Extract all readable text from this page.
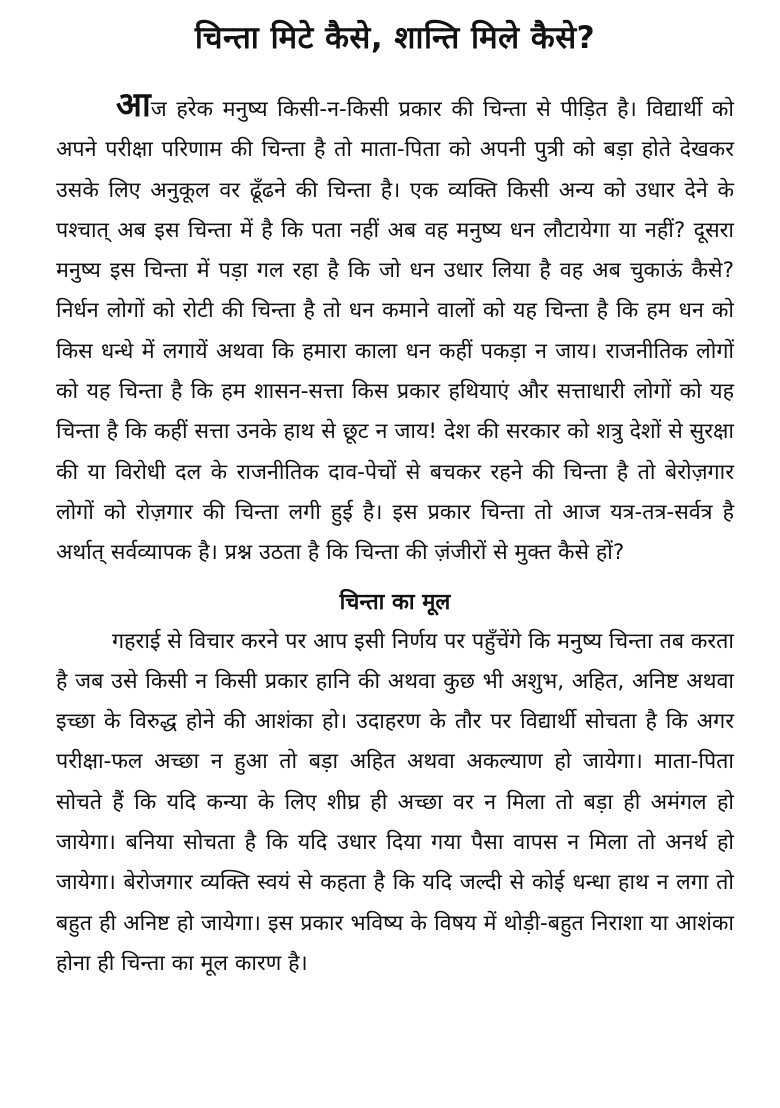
चिन्ता मिटे कैसे, शान्ति मिले कैसे?

आज हरेक मनुष्य किसी-न-किसी प्रकार की चिन्ता से पीड़ित है। विद्यार्थी को अपने परीक्षा परिणाम की चिन्ता है तो माता-पिता को अपनी पुत्री को बड़ा होते देखकर उसके लिए अनुकूल वर ढूँढने की चिन्ता है। एक व्यक्ति किसी अन्य को उधार देने के पश्चात् अब इस चिन्ता में है कि पता नहीं अब वह मनुष्य धन लौटायेगा या नहीं? दूसरा मनुष्य इस चिन्ता में पड़ा गल रहा है कि जो धन उधार लिया है वह अब चुकाऊं कैसे? निर्धन लोगों को रोटी की चिन्ता है तो धन कमाने वालों को यह चिन्ता है कि हम धन को किस धन्धे में लगायें अथवा कि हमारा काला धन कहीं पकड़ा न जाय। राजनीतिक लोगों को यह चिन्ता है कि हम शासन-सत्ता किस प्रकार हथियाएं और सत्ताधारी लोगों को यह चिन्ता है कि कहीं सत्ता उनके हाथ से छूट न जाय! देश की सरकार को शत्रु देशों से सुरक्षा की या विरोधी दल के राजनीतिक दाव-पेचों से बचकर रहने की चिन्ता है तो बेरोज़गार लोगों को रोज़गार की चिन्ता लगी हुई है। इस प्रकार चिन्ता तो आज यत्र-तत्र-सर्वत्र है अर्थात् सर्वव्यापक है। प्रश्न उठता है कि चिन्ता की ज़ंजीरों से मुक्त कैसे हों?

चिन्ता का मूल

गहराई से विचार करने पर आप इसी निर्णय पर पहुँचेंगे कि मनुष्य चिन्ता तब करता है जब उसे किसी न किसी प्रकार हानि की अथवा कुछ भी अशुभ, अहित, अनिष्ट अथवा इच्छा के विरुद्ध होने की आशंका हो। उदाहरण के तौर पर विद्यार्थी सोचता है कि अगर परीक्षा-फल अच्छा न हुआ तो बड़ा अहित अथवा अकल्याण हो जायेगा। माता-पिता सोचते हैं कि यदि कन्या के लिए शीघ्र ही अच्छा वर न मिला तो बड़ा ही अमंगल हो जायेगा। बनिया सोचता है कि यदि उधार दिया गया पैसा वापस न मिला तो अनर्थ हो जायेगा। बेरोजगार व्यक्ति स्वयं से कहता है कि यदि जल्दी से कोई धन्धा हाथ न लगा तो बहुत ही अनिष्ट हो जायेगा। इस प्रकार भविष्य के विषय में थोड़ी-बहुत निराशा या आशंका होना ही चिन्ता का मूल कारण है।
